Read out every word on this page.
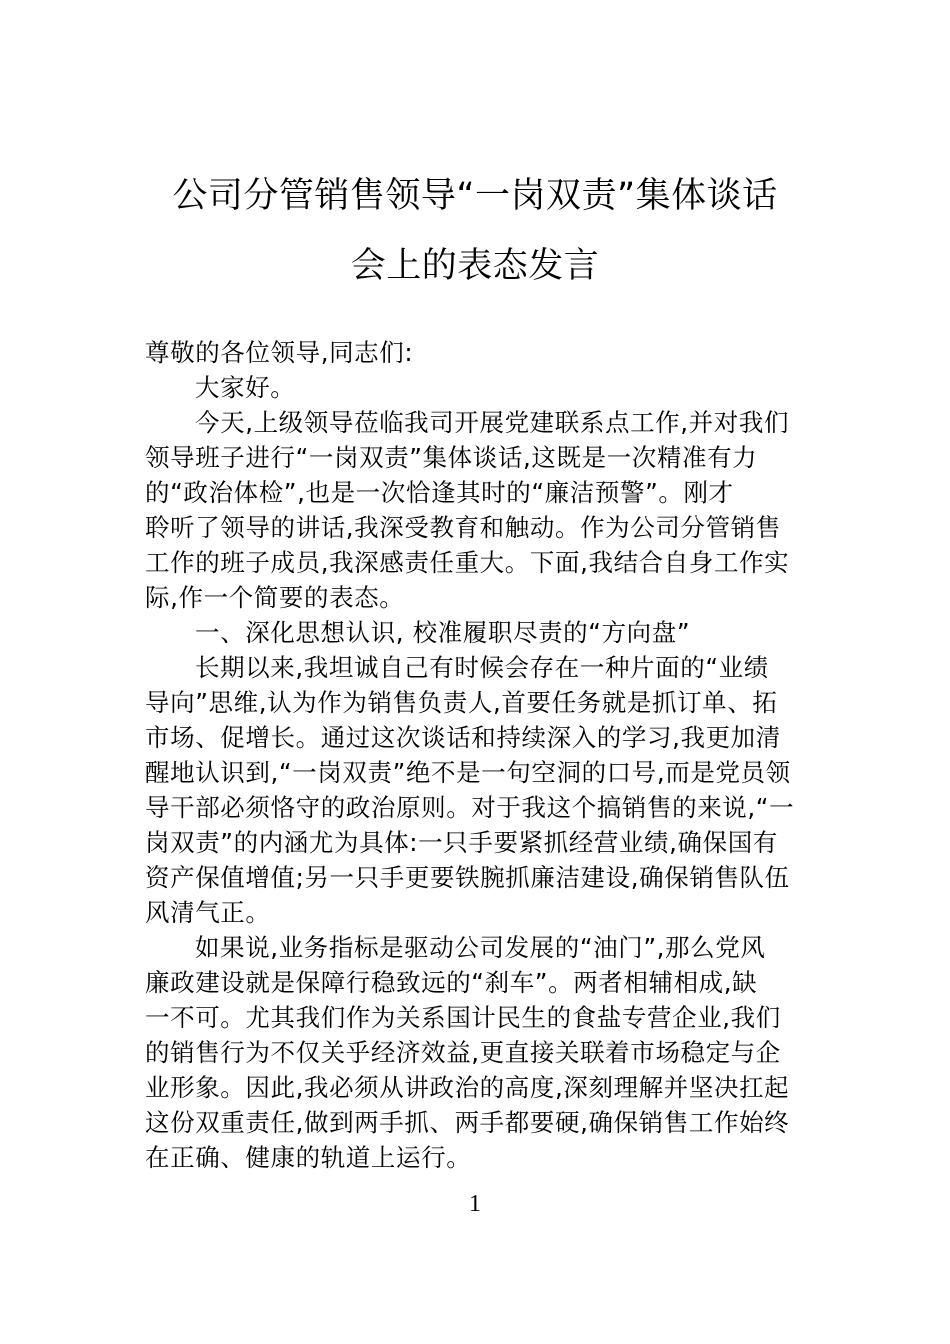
公司分管销售领导“一岗双责”集体谈话
会上的表态发言
尊敬的各位领导,同志们:
大家好。
今天,上级领导莅临我司开展党建联系点工作,并对我们
领导班子进行“一岗双责”集体谈话,这既是一次精准有力
的“政治体检”,也是一次恰逢其时的“廉洁预警”。刚才
聆听了领导的讲话,我深受教育和触动。作为公司分管销售
工作的班子成员,我深感责任重大。下面,我结合自身工作实
际,作一个简要的表态。
一、深化思想认识, 校准履职尽责的“方向盘”
长期以来,我坦诚自己有时候会存在一种片面的“业绩
导向”思维,认为作为销售负责人,首要任务就是抓订单、拓
市场、促增长。通过这次谈话和持续深入的学习,我更加清
醒地认识到,“一岗双责”绝不是一句空洞的口号,而是党员领
导干部必须恪守的政治原则。对于我这个搞销售的来说,“一
岗双责”的内涵尤为具体:一只手要紧抓经营业绩,确保国有
资产保值增值;另一只手更要铁腕抓廉洁建设,确保销售队伍
风清气正。
如果说,业务指标是驱动公司发展的“油门”,那么党风
廉政建设就是保障行稳致远的“刹车”。两者相辅相成,缺
一不可。尤其我们作为关系国计民生的食盐专营企业,我们
的销售行为不仅关乎经济效益,更直接关联着市场稳定与企
业形象。因此,我必须从讲政治的高度,深刻理解并坚决扛起
这份双重责任,做到两手抓、两手都要硬,确保销售工作始终
在正确、健康的轨道上运行。
1
